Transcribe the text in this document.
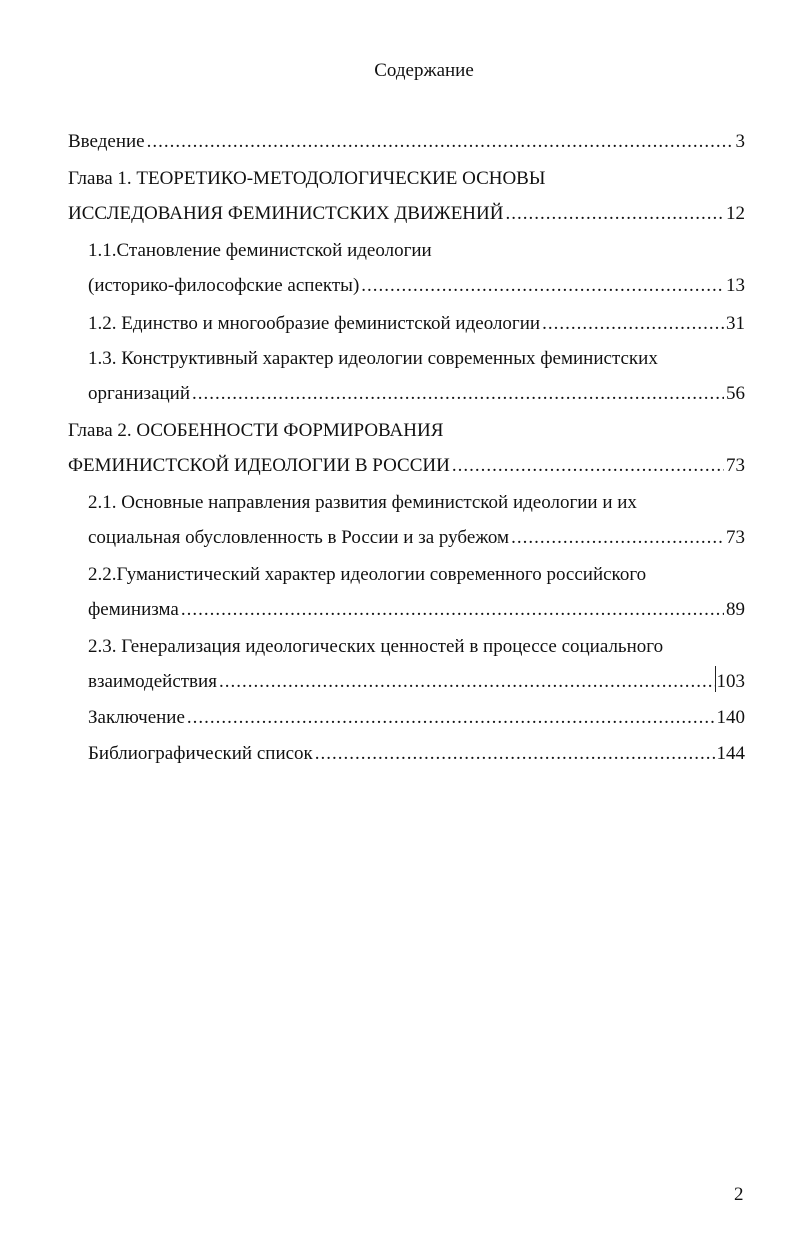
Содержание
Введение .....	3
Глава 1. ТЕОРЕТИКО-МЕТОДОЛОГИЧЕСКИЕ ОСНОВЫ
ИССЛЕДОВАНИЯ ФЕМИНИСТСКИХ ДВИЖЕНИЙ .....	12
1.1.Становление феминистской идеологии
(историко-философские аспекты) .....	13
1.2. Единство и многообразие феминистской идеологии .....	31
1.3. Конструктивный характер идеологии современных феминистских
организаций .....	56
Глава 2. ОСОБЕННОСТИ ФОРМИРОВАНИЯ
ФЕМИНИСТСКОЙ ИДЕОЛОГИИ В РОССИИ .....	73
2.1. Основные направления развития феминистской идеологии и их
социальная обусловленность в России и за рубежом .....	73
2.2.Гуманистический характер идеологии современного российского
феминизма .....	89
2.3. Генерализация идеологических ценностей в процессе социального
взаимодействия .....	103
Заключение .....	140
Библиографический список .....	144
2
